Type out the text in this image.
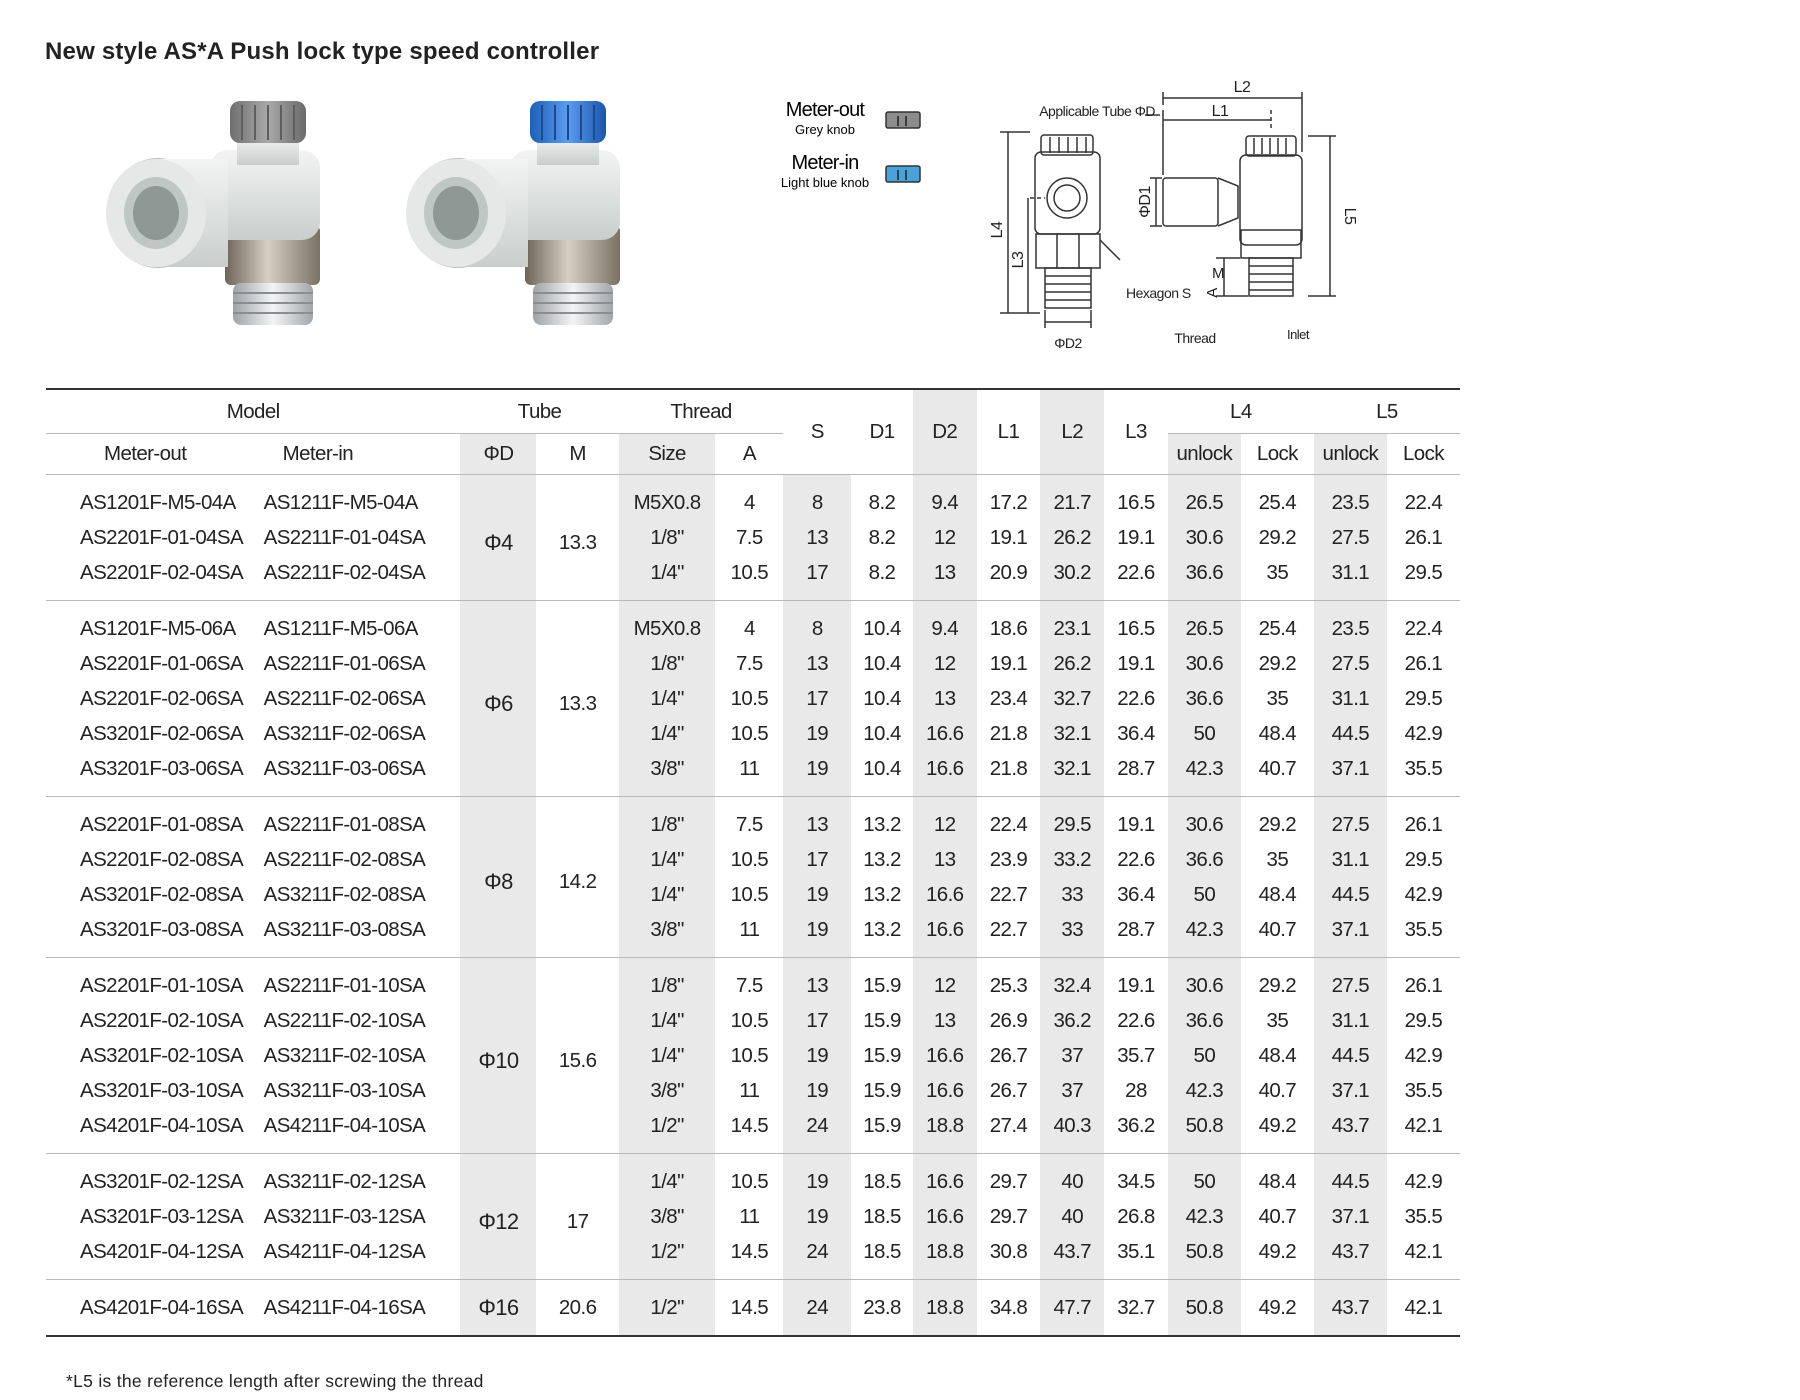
New style AS*A Push lock type speed controller
Meter-out
Grey knob
Meter-in
Light blue knob
L2
L1
Applicable Tube ΦD
L4
L3
ΦD1	L5
M
A
Hexagon S
ΦD2	Thread	Inlet
Model		Tube		Thread		S	D1	D2	L1	L2	L3	L4		L5	
Meter-out	Meter-in	ΦD	M	Size	A							unlock	Lock	unlock	Lock
AS1201F-M5-04A	AS1211F-M5-04A	Φ4	13.3	M5X0.8	4	8	8.2	9.4	17.2	21.7	16.5	26.5	25.4	23.5	22.4
AS2201F-01-04SA	AS2211F-01-04SA			1/8"	7.5	13	8.2	12	19.1	26.2	19.1	30.6	29.2	27.5	26.1
AS2201F-02-04SA	AS2211F-02-04SA			1/4"	10.5	17	8.2	13	20.9	30.2	22.6	36.6	35	31.1	29.5
AS1201F-M5-06A	AS1211F-M5-06A	Φ6	13.3	M5X0.8	4	8	10.4	9.4	18.6	23.1	16.5	26.5	25.4	23.5	22.4
AS2201F-01-06SA	AS2211F-01-06SA			1/8"	7.5	13	10.4	12	19.1	26.2	19.1	30.6	29.2	27.5	26.1
AS2201F-02-06SA	AS2211F-02-06SA			1/4"	10.5	17	10.4	13	23.4	32.7	22.6	36.6	35	31.1	29.5
AS3201F-02-06SA	AS3211F-02-06SA			1/4"	10.5	19	10.4	16.6	21.8	32.1	36.4	50	48.4	44.5	42.9
AS3201F-03-06SA	AS3211F-03-06SA			3/8"	11	19	10.4	16.6	21.8	32.1	28.7	42.3	40.7	37.1	35.5
AS2201F-01-08SA	AS2211F-01-08SA	Φ8	14.2	1/8"	7.5	13	13.2	12	22.4	29.5	19.1	30.6	29.2	27.5	26.1
AS2201F-02-08SA	AS2211F-02-08SA			1/4"	10.5	17	13.2	13	23.9	33.2	22.6	36.6	35	31.1	29.5
AS3201F-02-08SA	AS3211F-02-08SA			1/4"	10.5	19	13.2	16.6	22.7	33	36.4	50	48.4	44.5	42.9
AS3201F-03-08SA	AS3211F-03-08SA			3/8"	11	19	13.2	16.6	22.7	33	28.7	42.3	40.7	37.1	35.5
AS2201F-01-10SA	AS2211F-01-10SA	Φ10	15.6	1/8"	7.5	13	15.9	12	25.3	32.4	19.1	30.6	29.2	27.5	26.1
AS2201F-02-10SA	AS2211F-02-10SA			1/4"	10.5	17	15.9	13	26.9	36.2	22.6	36.6	35	31.1	29.5
AS3201F-02-10SA	AS3211F-02-10SA			1/4"	10.5	19	15.9	16.6	26.7	37	35.7	50	48.4	44.5	42.9
AS3201F-03-10SA	AS3211F-03-10SA			3/8"	11	19	15.9	16.6	26.7	37	28	42.3	40.7	37.1	35.5
AS4201F-04-10SA	AS4211F-04-10SA			1/2"	14.5	24	15.9	18.8	27.4	40.3	36.2	50.8	49.2	43.7	42.1
AS3201F-02-12SA	AS3211F-02-12SA	Φ12	17	1/4"	10.5	19	18.5	16.6	29.7	40	34.5	50	48.4	44.5	42.9
AS3201F-03-12SA	AS3211F-03-12SA			3/8"	11	19	18.5	16.6	29.7	40	26.8	42.3	40.7	37.1	35.5
AS4201F-04-12SA	AS4211F-04-12SA			1/2"	14.5	24	18.5	18.8	30.8	43.7	35.1	50.8	49.2	43.7	42.1
AS4201F-04-16SA	AS4211F-04-16SA	Φ16	20.6	1/2"	14.5	24	23.8	18.8	34.8	47.7	32.7	50.8	49.2	43.7	42.1
*L5 is the reference length after screwing the thread
